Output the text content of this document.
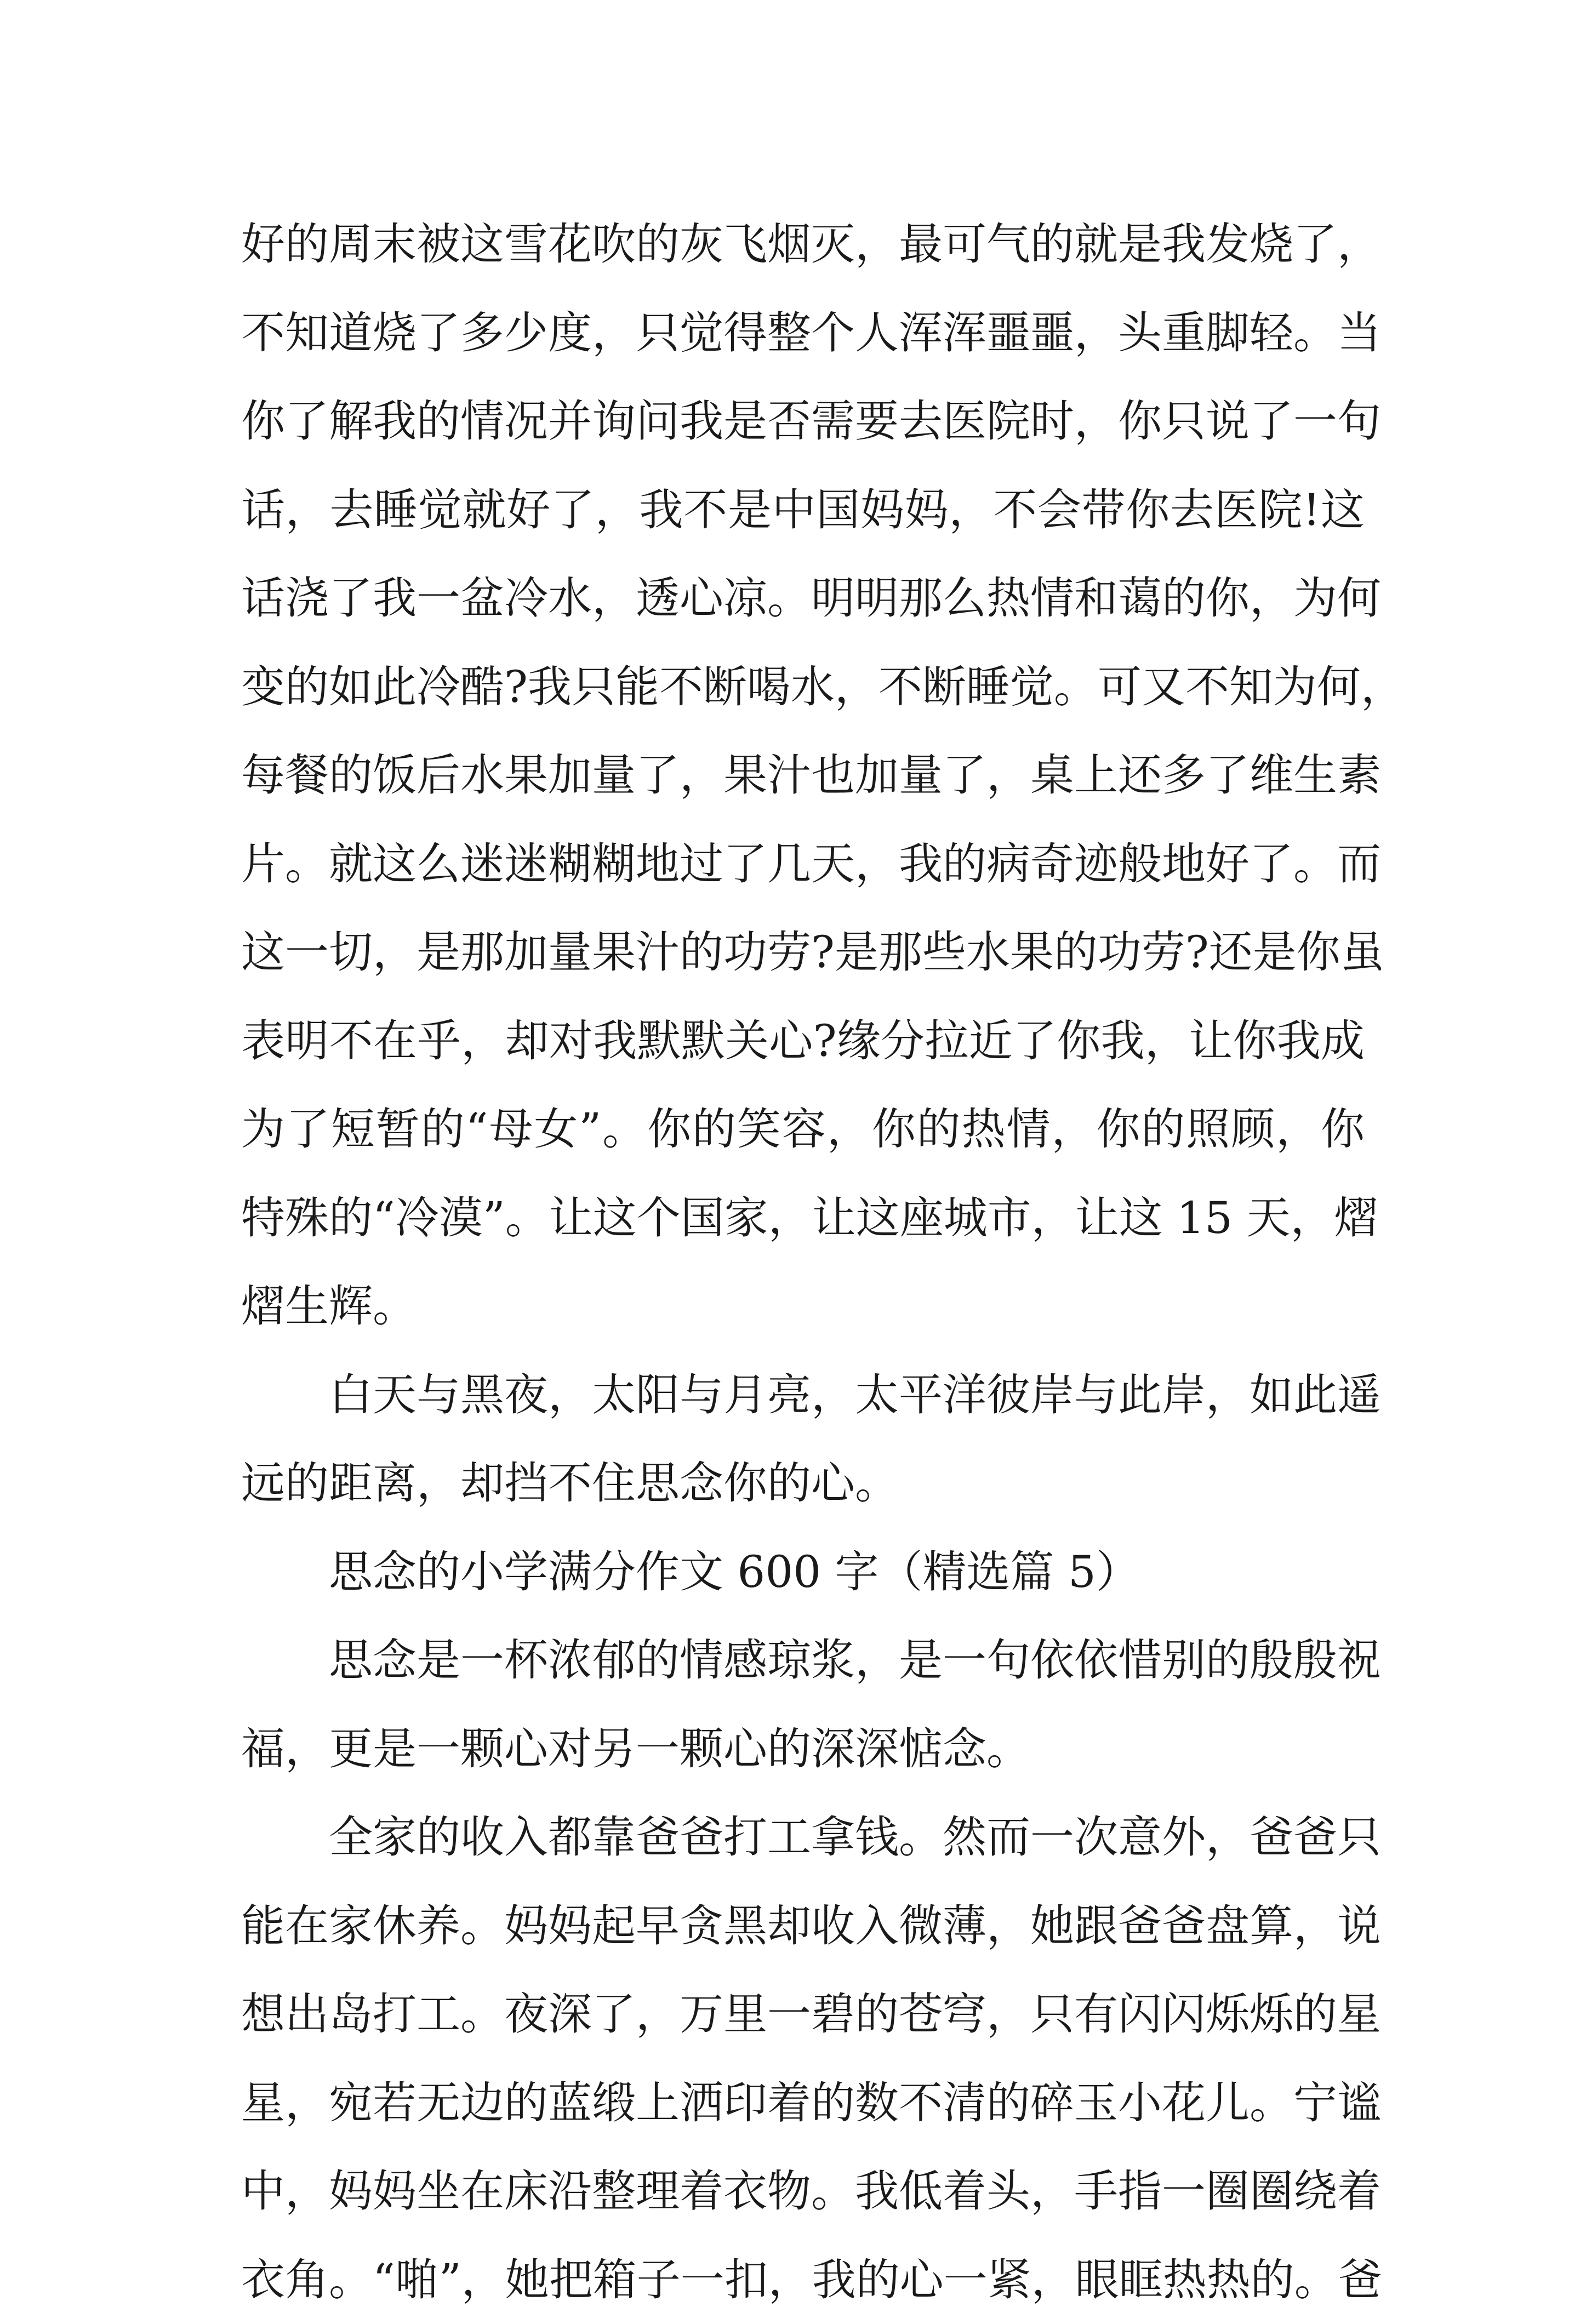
好的周末被这雪花吹的灰飞烟灭，最可气的就是我发烧了，
不知道烧了多少度，只觉得整个人浑浑噩噩，头重脚轻。当
你了解我的情况并询问我是否需要去医院时，你只说了一句
话，去睡觉就好了，我不是中国妈妈，不会带你去医院!这
话浇了我一盆冷水，透心凉。明明那么热情和蔼的你，为何
变的如此冷酷?我只能不断喝水，不断睡觉。可又不知为何，
每餐的饭后水果加量了，果汁也加量了，桌上还多了维生素
片。就这么迷迷糊糊地过了几天，我的病奇迹般地好了。而
这一切，是那加量果汁的功劳?是那些水果的功劳?还是你虽
表明不在乎，却对我默默关心?缘分拉近了你我，让你我成
为了短暂的“母女”。你的笑容，你的热情，你的照顾，你
特殊的“冷漠”。让这个国家，让这座城市，让这 15 天，熠
熠生辉。
白天与黑夜，太阳与月亮，太平洋彼岸与此岸，如此遥
远的距离，却挡不住思念你的心。
思念的小学满分作文 600 字（精选篇 5）
思念是一杯浓郁的情感琼浆，是一句依依惜别的殷殷祝
福，更是一颗心对另一颗心的深深惦念。
全家的收入都靠爸爸打工拿钱。然而一次意外，爸爸只
能在家休养。妈妈起早贪黑却收入微薄，她跟爸爸盘算，说
想出岛打工。夜深了，万里一碧的苍穹，只有闪闪烁烁的星
星，宛若无边的蓝缎上洒印着的数不清的碎玉小花儿。宁谧
中，妈妈坐在床沿整理着衣物。我低着头，手指一圈圈绕着
衣角。“啪”，她把箱子一扣，我的心一紧，眼眶热热的。爸
